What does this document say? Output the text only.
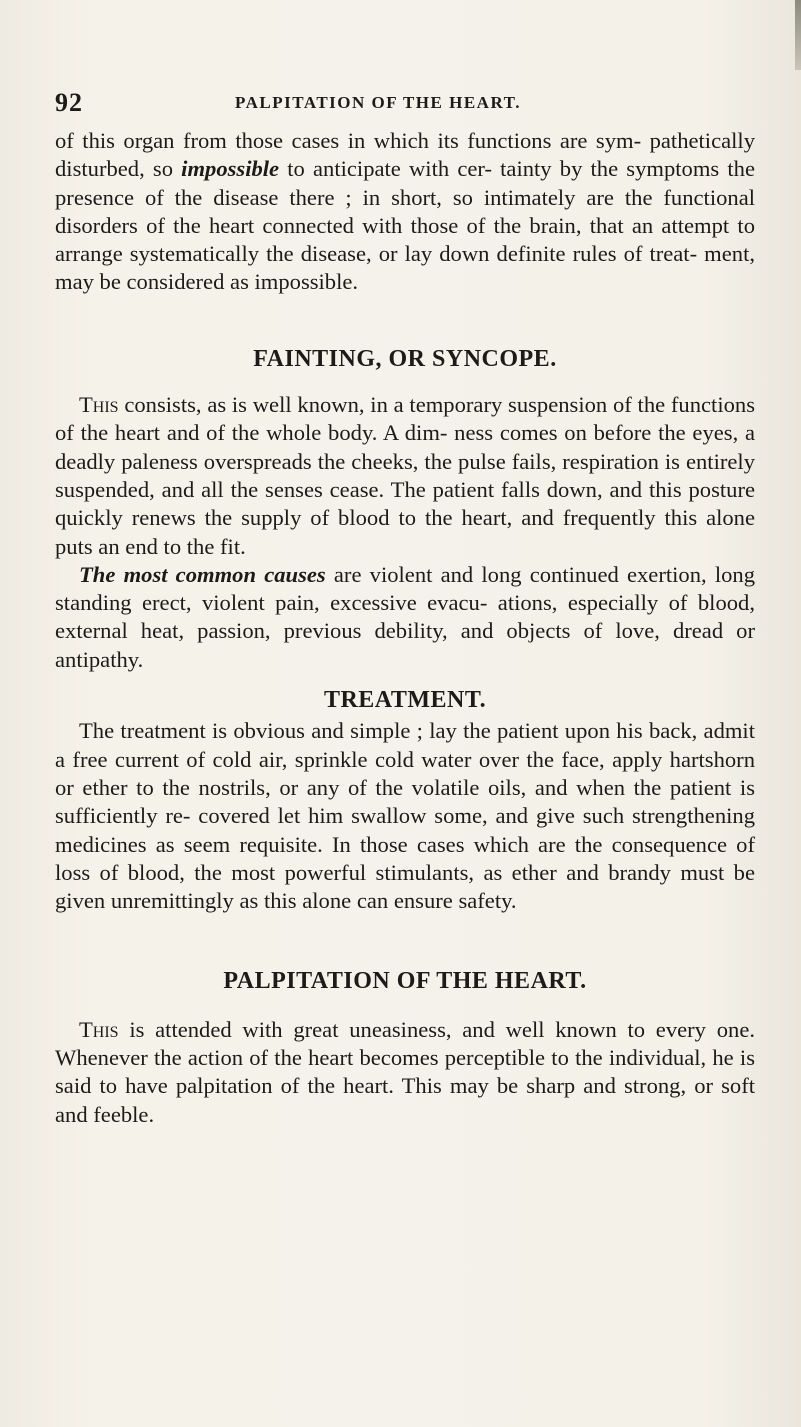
92	PALPITATION OF THE HEART.

of this organ from those cases in which its functions are sym- pathetically disturbed, so impossible to anticipate with cer- tainty by the symptoms the presence of the disease there ; in short, so intimately are the functional disorders of the heart connected with those of the brain, that an attempt to arrange systematically the disease, or lay down definite rules of treat- ment, may be considered as impossible.

FAINTING, OR SYNCOPE.

This consists, as is well known, in a temporary suspension of the functions of the heart and of the whole body. A dim- ness comes on before the eyes, a deadly paleness overspreads the cheeks, the pulse fails, respiration is entirely suspended, and all the senses cease. The patient falls down, and this posture quickly renews the supply of blood to the heart, and frequently this alone puts an end to the fit.

The most common causes are violent and long continued exertion, long standing erect, violent pain, excessive evacu- ations, especially of blood, external heat, passion, previous debility, and objects of love, dread or antipathy.

TREATMENT.

The treatment is obvious and simple ; lay the patient upon his back, admit a free current of cold air, sprinkle cold water over the face, apply hartshorn or ether to the nostrils, or any of the volatile oils, and when the patient is sufficiently re- covered let him swallow some, and give such strengthening medicines as seem requisite. In those cases which are the consequence of loss of blood, the most powerful stimulants, as ether and brandy must be given unremittingly as this alone can ensure safety.

PALPITATION OF THE HEART.

This is attended with great uneasiness, and well known to every one. Whenever the action of the heart becomes perceptible to the individual, he is said to have palpitation of the heart. This may be sharp and strong, or soft and feeble.
